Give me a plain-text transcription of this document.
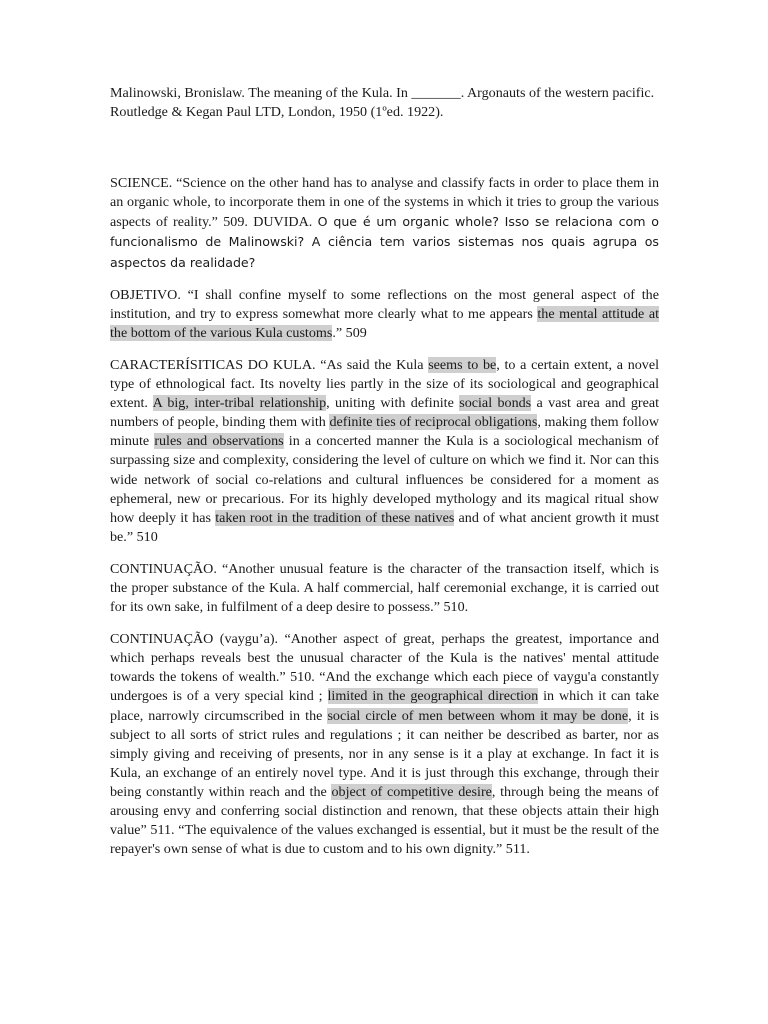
Malinowski, Bronislaw. The meaning of the Kula. In _______. Argonauts of the western pacific. Routledge & Kegan Paul LTD, London, 1950 (1ºed. 1922).

SCIENCE. “Science on the other hand has to analyse and classify facts in order to place them in an organic whole, to incorporate them in one of the systems in which it tries to group the various aspects of reality.” 509. DUVIDA. O que é um organic whole? Isso se relaciona com o funcionalismo de Malinowski? A ciência tem varios sistemas nos quais agrupa os aspectos da realidade?

OBJETIVO. “I shall confine myself to some reflections on the most general aspect of the institution, and try to express somewhat more clearly what to me appears the mental attitude at the bottom of the various Kula customs.” 509

CARACTERÍSITICAS DO KULA. “As said the Kula seems to be, to a certain extent, a novel type of ethnological fact. Its novelty lies partly in the size of its sociological and geographical extent. A big, inter-tribal relationship, uniting with definite social bonds a vast area and great numbers of people, binding them with definite ties of reciprocal obligations, making them follow minute rules and observations in a concerted manner the Kula is a sociological mechanism of surpassing size and complexity, considering the level of culture on which we find it. Nor can this wide network of social co-relations and cultural influences be considered for a moment as ephemeral, new or precarious. For its highly developed mythology and its magical ritual show how deeply it has taken root in the tradition of these natives and of what ancient growth it must be.” 510

CONTINUAÇÃO. “Another unusual feature is the character of the transaction itself, which is the proper substance of the Kula. A half commercial, half ceremonial exchange, it is carried out for its own sake, in fulfilment of a deep desire to possess.” 510.

CONTINUAÇÃO (vaygu’a). “Another aspect of great, perhaps the greatest, importance and which perhaps reveals best the unusual character of the Kula is the natives' mental attitude towards the tokens of wealth.” 510. “And the exchange which each piece of vaygu'a constantly undergoes is of a very special kind ; limited in the geographical direction in which it can take place, narrowly circumscribed in the social circle of men between whom it may be done, it is subject to all sorts of strict rules and regulations ; it can neither be described as barter, nor as simply giving and receiving of presents, nor in any sense is it a play at exchange. In fact it is Kula, an exchange of an entirely novel type. And it is just through this exchange, through their being constantly within reach and the object of competitive desire, through being the means of arousing envy and conferring social distinction and renown, that these objects attain their high value” 511. “The equivalence of the values exchanged is essential, but it must be the result of the repayer's own sense of what is due to custom and to his own dignity.” 511.
